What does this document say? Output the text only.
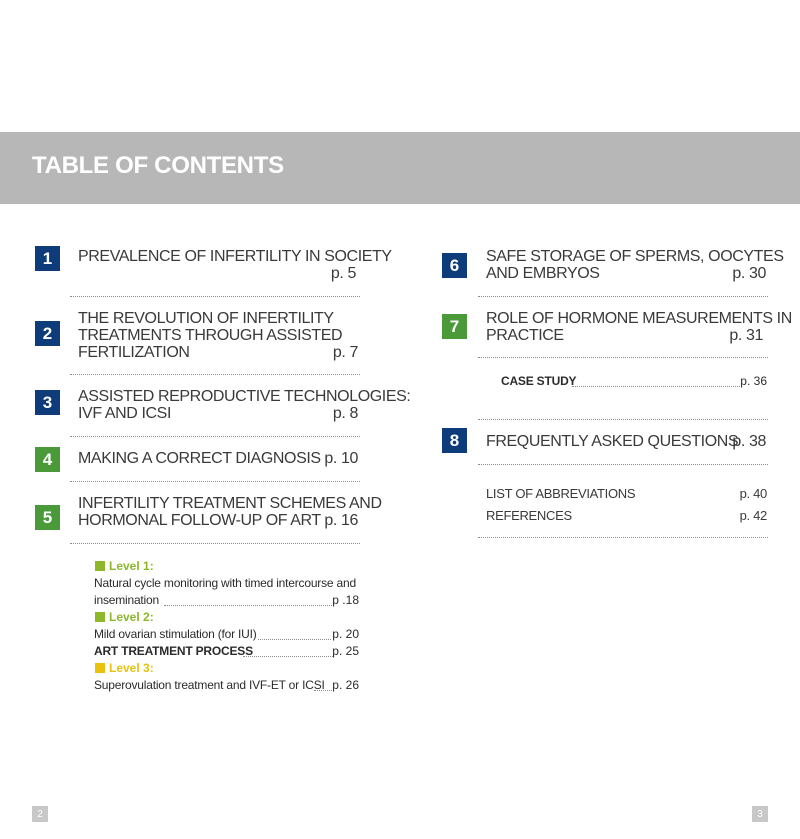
TABLE OF CONTENTS
1	PREVALENCE OF INFERTILITY IN SOCIETY
p. 5
2
THE REVOLUTION OF INFERTILITY
TREATMENTS THROUGH ASSISTED
FERTILIZATION	p. 7
3	ASSISTED REPRODUCTIVE TECHNOLOGIES:
IVF AND ICSI	p. 8
4	MAKING A CORRECT DIAGNOSIS p. 10
5
INFERTILITY TREATMENT SCHEMES AND
HORMONAL FOLLOW-UP OF ART p. 16
Level 1:
Natural cycle monitoring with timed intercourse and
insemination	p .18
Level 2:
Mild ovarian stimulation (for IUI)	p. 20
ART TREATMENT PROCESS	p. 25
Level 3:
Superovulation treatment and IVF-ET or ICSI p. 26
6	SAFE STORAGE OF SPERMS, OOCYTES
AND EMBRYOS	p. 30
7	ROLE OF HORMONE MEASUREMENTS IN
PRACTICE	p. 31
CASE STUDY	p. 36
8	FREQUENTLY ASKED QUESTIONS
p. 38
LIST OF ABBREVIATIONS	p. 40
REFERENCES	p. 42
2	3
